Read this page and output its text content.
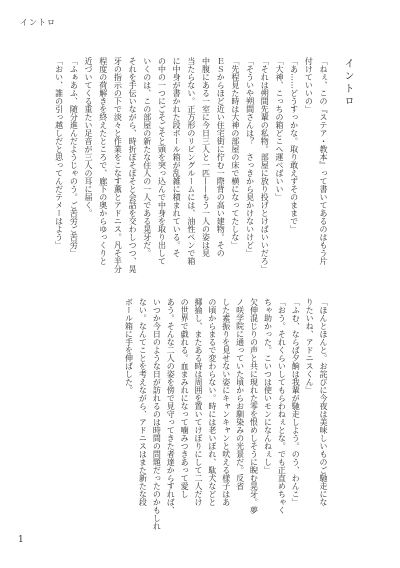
イントロ
イントロ
「ねぇ、この『ステア・教本』って書いてあるのはもう片
付けていいの」
「あ……どうすっかな。取り敢えずそのままで」
「大神、こっちの箱どこへ運べばいい」
「それは朔間先輩の私物。部屋に放り投げとけばいいだろ」
「そういや朔間さんは？　さっきから見かけないけど」
「先程見た時は大神の部屋の床で横になってたしな」
ＥＳからほど近い住宅街に佇む一際背の高い建物。その
中腹にある一室に今日三人と一匹——もう一人の姿は見
当たらない。正方形のリビングルームには、油性ペンで箱
に中身が書かれた段ボール箱が乱雑に積まれている。そ
の中の一つにごそごそと頭を突っ込んで中身を取り出して
いくのは、この部屋の新たな住人の一人である晃牙だ。
それを手伝いながら、時折ぼそぼそと会話を交わしつつ、晃
牙の指示の下で淡々と作業をこなす薫とアドニス。凡そ半分
程度の荷解きを終えたところで、廊下の奥からゆっくりと
近づいてくる重たい足音が三人の耳に届く。
「ふぁあふ、随分進んだようじゃのう。ご苦労ご苦労」
「おい、誰の引っ越しだと思ってんだテメーはよう」
「ほんとほんと。お詫びに今夜は美味しいものご馳走にな
りたいね、アドニスくん」
「ふむ、ならば夕餉は我輩が馳走しよう。のう、わんこ」
「おう。それくらいしてもらわねぇとな。でも正直めちゃく
ちゃ助かった。こいつは使いモンになんねぇし」
欠伸混じりの声と共に現れた零を恨めしそうに睨む晃牙。夢
ノ咲学院に通っていた頃からお馴染みの光景だ。反省
した素振りを見せない姿にキャンキャンと吠える様子はあ
の頃からまるで変わらない。時には老いぼれ、駄犬などと
揶揄し、またある時は周囲を置いてけぼりにして二人だけ
の世界で戯れる。血まみれになって噛みつきあって愛し
あう。そんな二人の姿を傍で見守ってきた者達からすれば、
いつか今日のような日が訪れるのは時間の問題だったのかもしれ
ない。なんてことを考えながら、アドニスはまた新たな段
ボール箱に手を伸ばした。
1
